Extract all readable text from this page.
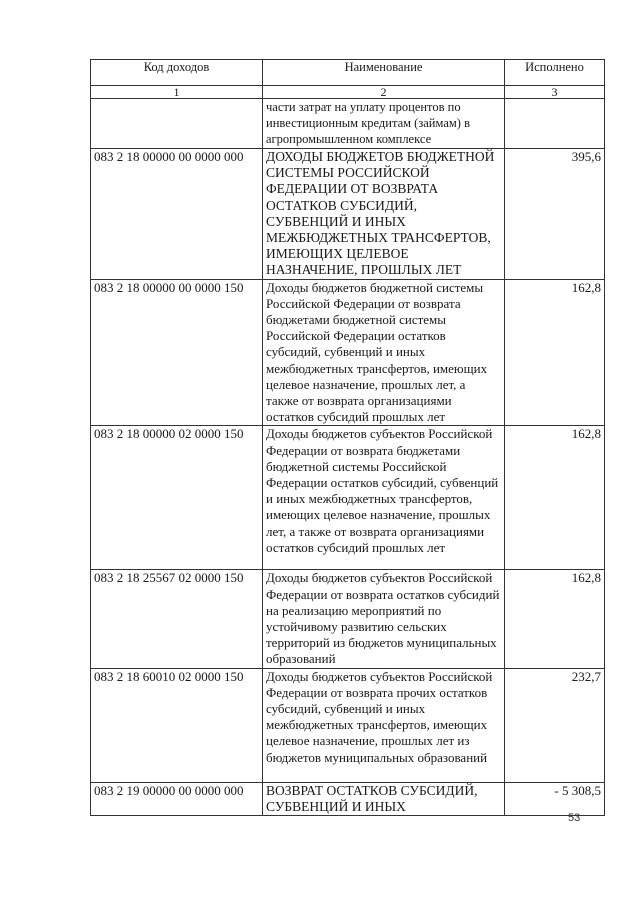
Код доходов	Наименование	Исполнено
1	2	3
	части затрат на уплату процентов по инвестиционным кредитам (займам) в агропромышленном комплексе	
083 2 18 00000 00 0000 000	ДОХОДЫ БЮДЖЕТОВ БЮДЖЕТНОЙ СИСТЕМЫ РОССИЙСКОЙ ФЕДЕРАЦИИ ОТ ВОЗВРАТА ОСТАТКОВ СУБСИДИЙ, СУБВЕНЦИЙ И ИНЫХ МЕЖБЮДЖЕТНЫХ ТРАНСФЕРТОВ, ИМЕЮЩИХ ЦЕЛЕВОЕ НАЗНАЧЕНИЕ, ПРОШЛЫХ ЛЕТ	395,6
083 2 18 00000 00 0000 150	Доходы бюджетов бюджетной системы Российской Федерации от возврата бюджетами бюджетной системы Российской Федерации остатков субсидий, субвенций и иных межбюджетных трансфертов, имеющих целевое назначение, прошлых лет, а также от возврата организациями остатков субсидий прошлых лет	162,8
083 2 18 00000 02 0000 150	Доходы бюджетов субъектов Российской Федерации от возврата бюджетами бюджетной системы Российской Федерации остатков субсидий, субвенций и иных межбюджетных трансфертов, имеющих целевое назначение, прошлых лет, а также от возврата организациями остатков субсидий прошлых лет	162,8
083 2 18 25567 02 0000 150	Доходы бюджетов субъектов Российской Федерации от возврата остатков субсидий на реализацию мероприятий по устойчивому развитию сельских территорий из бюджетов муниципальных образований	162,8
083 2 18 60010 02 0000 150	Доходы бюджетов субъектов Российской Федерации от возврата прочих остатков субсидий, субвенций и иных межбюджетных трансфертов, имеющих целевое назначение, прошлых лет из бюджетов муниципальных образований	232,7
083 2 19 00000 00 0000 000	ВОЗВРАТ ОСТАТКОВ СУБСИДИЙ, СУБВЕНЦИЙ И ИНЫХ	- 5 308,5
53
